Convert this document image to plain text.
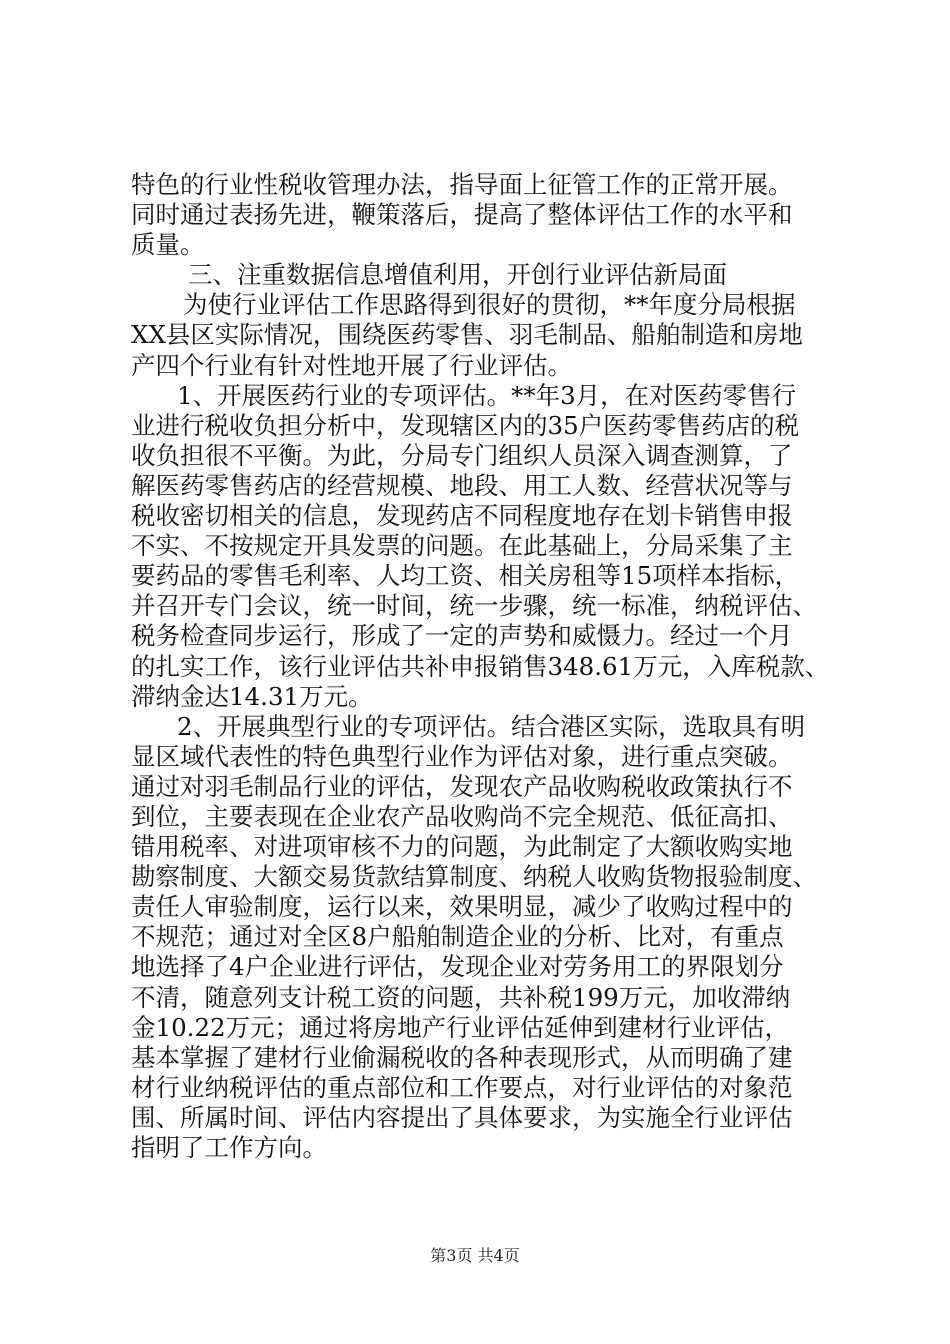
特色的行业性税收管理办法，指导面上征管工作的正常开展。
同时通过表扬先进，鞭策落后，提高了整体评估工作的水平和
质量。
三、注重数据信息增值利用，开创行业评估新局面
为使行业评估工作思路得到很好的贯彻，**年度分局根据
XX县区实际情况，围绕医药零售、羽毛制品、船舶制造和房地
产四个行业有针对性地开展了行业评估。
1、开展医药行业的专项评估。**年3月，在对医药零售行
业进行税收负担分析中，发现辖区内的35户医药零售药店的税
收负担很不平衡。为此，分局专门组织人员深入调查测算，了
解医药零售药店的经营规模、地段、用工人数、经营状况等与
税收密切相关的信息，发现药店不同程度地存在划卡销售申报
不实、不按规定开具发票的问题。在此基础上，分局采集了主
要药品的零售毛利率、人均工资、相关房租等15项样本指标，
并召开专门会议，统一时间，统一步骤，统一标准，纳税评估、
税务检查同步运行，形成了一定的声势和威慑力。经过一个月
的扎实工作，该行业评估共补申报销售348.61万元，入库税款、
滞纳金达14.31万元。
2、开展典型行业的专项评估。结合港区实际，选取具有明
显区域代表性的特色典型行业作为评估对象，进行重点突破。
通过对羽毛制品行业的评估，发现农产品收购税收政策执行不
到位，主要表现在企业农产品收购尚不完全规范、低征高扣、
错用税率、对进项审核不力的问题，为此制定了大额收购实地
勘察制度、大额交易货款结算制度、纳税人收购货物报验制度、
责任人审验制度，运行以来，效果明显，减少了收购过程中的
不规范；通过对全区8户船舶制造企业的分析、比对，有重点
地选择了4户企业进行评估，发现企业对劳务用工的界限划分
不清，随意列支计税工资的问题，共补税199万元，加收滞纳
金10.22万元；通过将房地产行业评估延伸到建材行业评估，
基本掌握了建材行业偷漏税收的各种表现形式，从而明确了建
材行业纳税评估的重点部位和工作要点，对行业评估的对象范
围、所属时间、评估内容提出了具体要求，为实施全行业评估
指明了工作方向。
第3页 共4页
